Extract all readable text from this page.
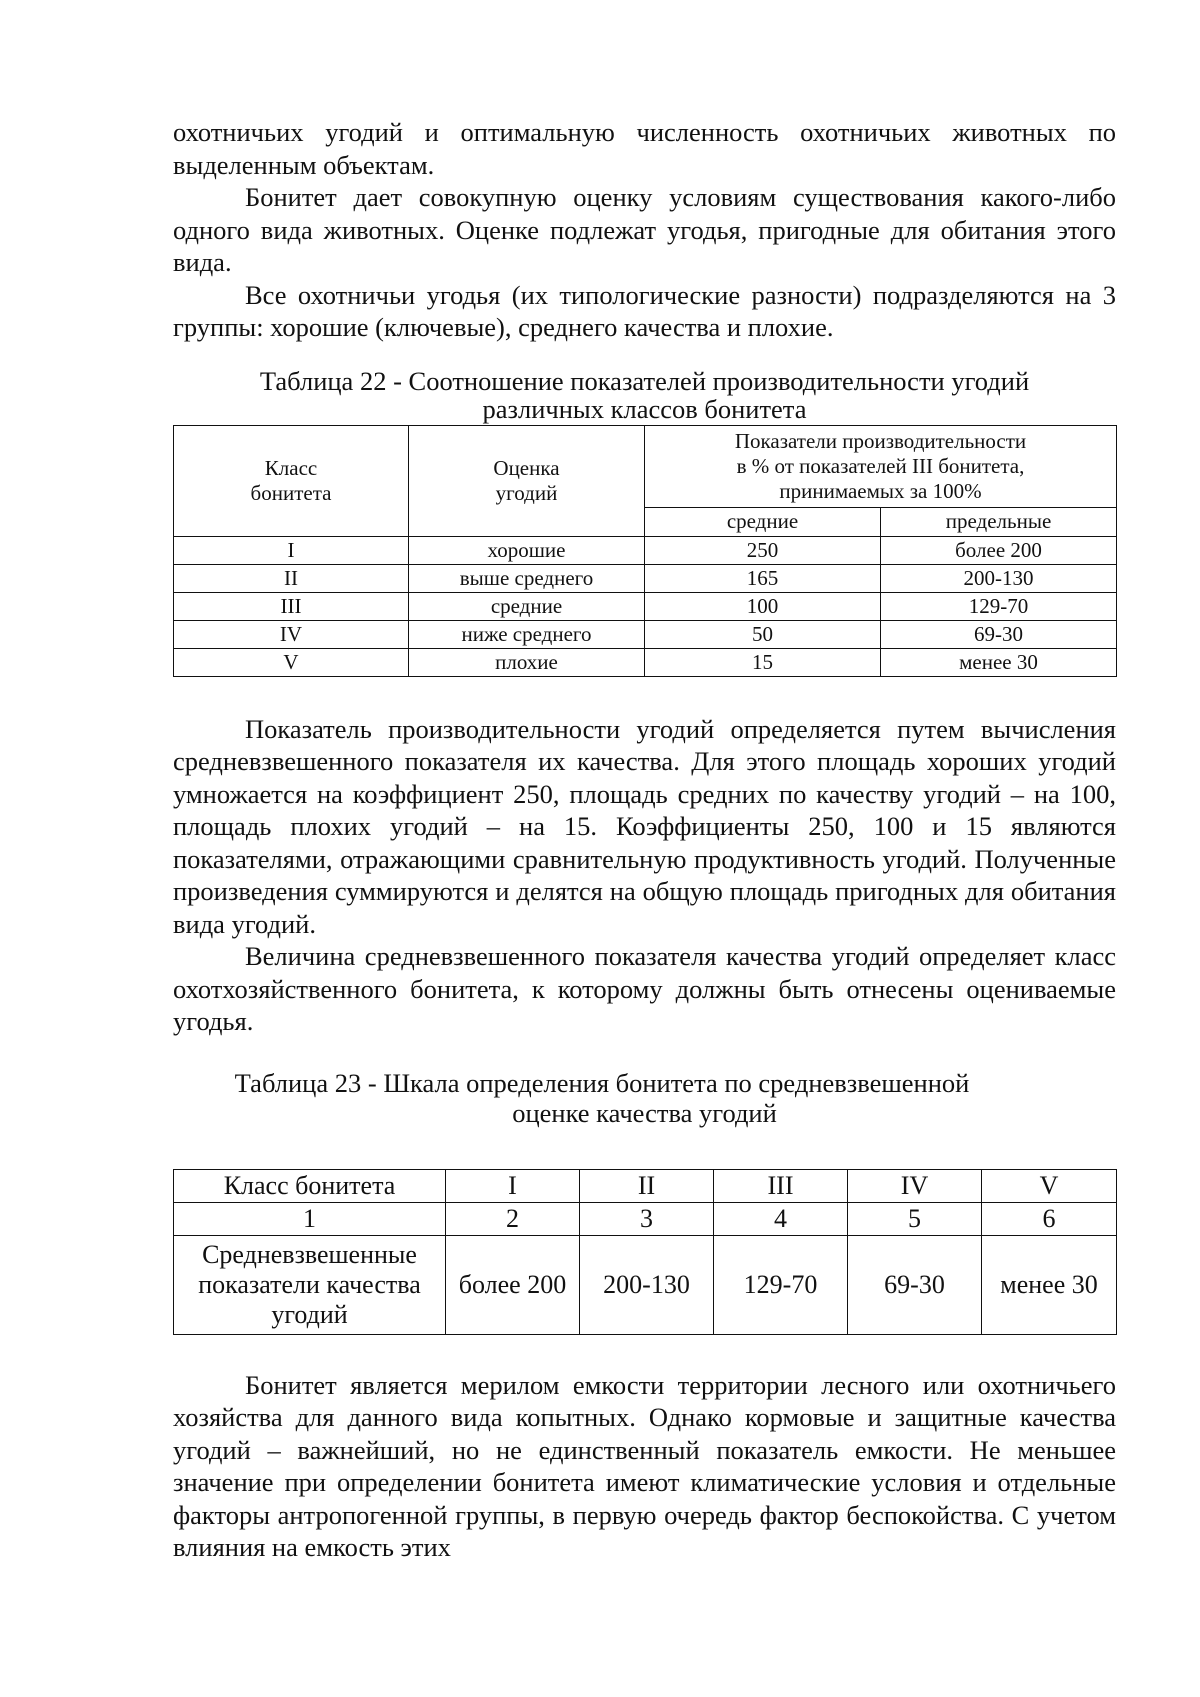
охотничьих угодий и оптимальную численность охотничьих животных по выделенным объектам.

Бонитет дает совокупную оценку условиям существования какого-либо одного вида животных. Оценке подлежат угодья, пригодные для обитания этого вида.

Все охотничьи угодья (их типологические разности) подразделяются на 3 группы: хорошие (ключевые), среднего качества и плохие.

Таблица 22 - Соотношение показателей производительности угодий

различных классов бонитета

Класс бонитета	Оценка угодий	Показатели производительности
в % от показателей III бонитета,
принимаемых за 100%	

		средние	предельные
I	хорошие	250	более 200
II	выше среднего	165	200-130
III	средние	100	129-70
IV	ниже среднего	50	69-30
V	плохие	15	менее 30

Показатель производительности угодий определяется путем вычисления средневзвешенного показателя их качества. Для этого площадь хороших угодий умножается на коэффициент 250, площадь средних по качеству угодий – на 100, площадь плохих угодий – на 15. Коэффициенты 250, 100 и 15 являются показателями, отражающими сравнительную продуктивность угодий. Полученные произведения суммируются и делятся на общую площадь пригодных для обитания вида угодий.

Величина средневзвешенного показателя качества угодий определяет класс охотхозяйственного бонитета, к которому должны быть отнесены оцениваемые угодья.

Таблица 23 - Шкала определения бонитета по средневзвешенной

оценке качества угодий

Класс бонитета	I	II	III	IV	V
1	2	3	4	5	6
Средневзвешенные показатели качества угодий	более 200	200-130	129-70	69-30	менее 30

Бонитет является мерилом емкости территории лесного или охотничьего хозяйства для данного вида копытных. Однако кормовые и защитные качества угодий – важнейший, но не единственный показатель емкости. Не меньшее значение при определении бонитета имеют климатические условия и отдельные факторы антропогенной группы, в первую очередь фактор беспокойства. С учетом влияния на емкость этих
